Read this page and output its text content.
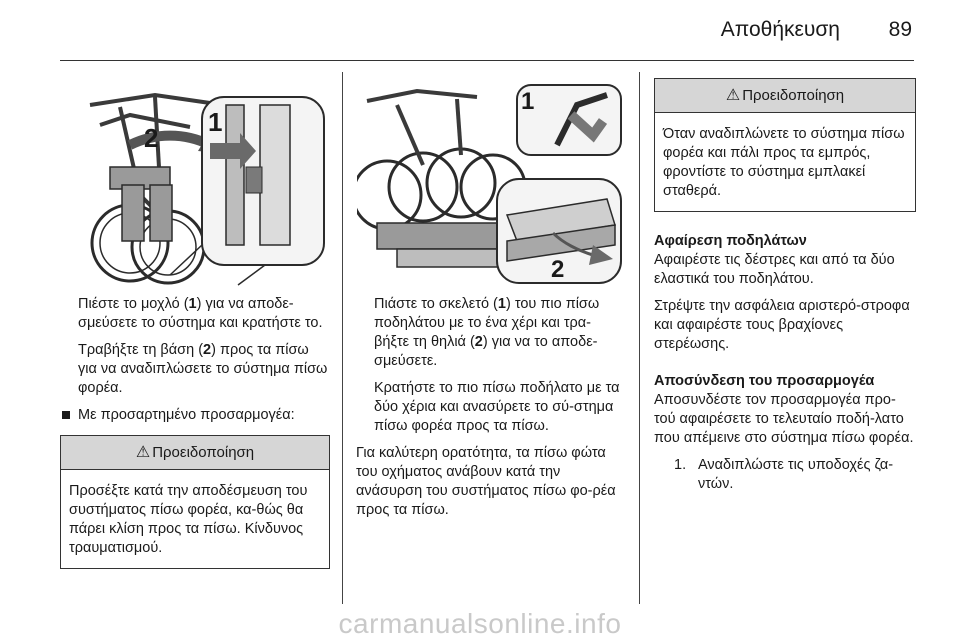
Αποθήκευση 89
2
1
1
2

Πιέστε το μοχλό (1) για να αποδε-σμεύσετε το σύστημα και κρατήστε το.

Τραβήξτε τη βάση (2) προς τα πίσω για να αναδιπλώσετε το σύστημα πίσω φορέα.

Με προσαρτημένο προσαρμογέα:

⚠ Προειδοποίηση
Προσέξτε κατά την αποδέσμευση του συστήματος πίσω φορέα, κα-θώς θα πάρει κλίση προς τα πίσω. Κίνδυνος τραυματισμού.

Πιάστε το σκελετό (1) του πιο πίσω ποδηλάτου με το ένα χέρι και τρα-βήξτε τη θηλιά (2) για να το αποδε-σμεύσετε.

Κρατήστε το πιο πίσω ποδήλατο με τα δύο χέρια και ανασύρετε το σύ-στημα πίσω φορέα προς τα πίσω.

Για καλύτερη ορατότητα, τα πίσω φώτα του οχήματος ανάβουν κατά την ανάσυρση του συστήματος πίσω φο-ρέα προς τα πίσω.

⚠ Προειδοποίηση
Όταν αναδιπλώνετε το σύστημα πίσω φορέα και πάλι προς τα εμπρός, φροντίστε το σύστημα εμπλακεί σταθερά.

Αφαίρεση ποδηλάτων

Αφαιρέστε τις δέστρες και από τα δύο ελαστικά του ποδηλάτου.

Στρέψτε την ασφάλεια αριστερό-στροφα και αφαιρέστε τους βραχίονες στερέωσης.

Αποσύνδεση του προσαρμογέα

Αποσυνδέστε τον προσαρμογέα προ-τού αφαιρέσετε το τελευταίο ποδή-λατο που απέμεινε στο σύστημα πίσω φορέα.

1. Αναδιπλώστε τις υποδοχές ζα-ντών.

carmanualsonline.info
